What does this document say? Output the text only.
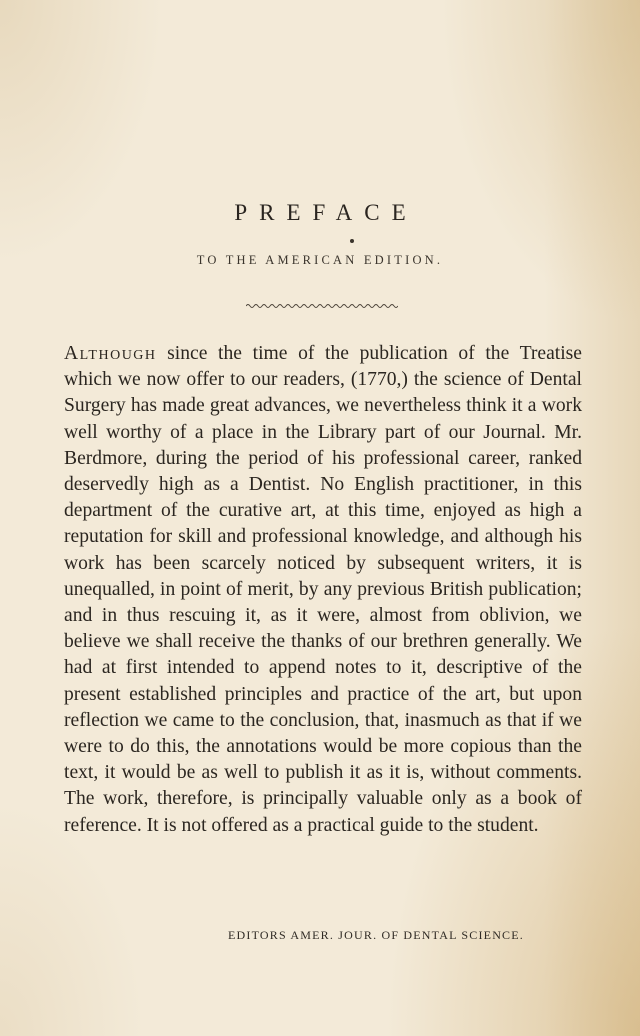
PREFACE
TO THE AMERICAN EDITION.
Although since the time of the publication of the Treatise which we now offer to our readers, (1770,) the science of Dental Surgery has made great advances, we nevertheless think it a work well worthy of a place in the Library part of our Journal. Mr. Berdmore, during the period of his professional career, ranked deservedly high as a Dentist. No English practitioner, in this department of the curative art, at this time, enjoyed as high a reputation for skill and professional knowledge, and although his work has been scarcely noticed by subsequent writers, it is unequalled, in point of merit, by any previous British publication; and in thus rescuing it, as it were, almost from oblivion, we believe we shall receive the thanks of our brethren generally. We had at first intended to append notes to it, descriptive of the present established principles and practice of the art, but upon reflection we came to the conclusion, that, inasmuch as that if we were to do this, the annotations would be more copious than the text, it would be as well to publish it as it is, without comments. The work, therefore, is principally valuable only as a book of reference. It is not offered as a practical guide to the student.
EDITORS AMER. JOUR. OF DENTAL SCIENCE.
